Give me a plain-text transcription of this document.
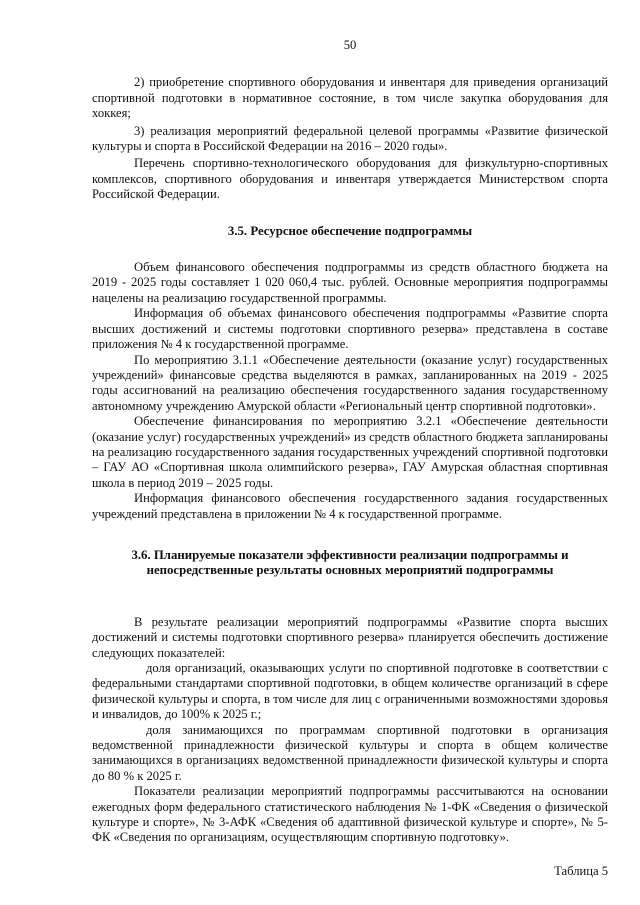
50

2) приобретение спортивного оборудования и инвентаря для приведения организаций спортивной подготовки в нормативное состояние, в том числе закупка оборудования для хоккея;

3) реализация мероприятий федеральной целевой программы «Развитие физической культуры и спорта в Российской Федерации на 2016 – 2020 годы».

Перечень спортивно-технологического оборудования для физкультурно-спортивных комплексов, спортивного оборудования и инвентаря утверждается Министерством спорта Российской Федерации.

3.5. Ресурсное обеспечение подпрограммы

Объем финансового обеспечения подпрограммы из средств областного бюджета на 2019 - 2025 годы составляет 1 020 060,4 тыс. рублей. Основные мероприятия подпрограммы нацелены на реализацию государственной программы.

Информация об объемах финансового обеспечения подпрограммы «Развитие спорта высших достижений и системы подготовки спортивного резерва» представлена в составе приложения № 4 к государственной программе.

По мероприятию 3.1.1 «Обеспечение деятельности (оказание услуг) государственных учреждений» финансовые средства выделяются в рамках, запланированных на 2019 - 2025 годы ассигнований на реализацию обеспечения государственного задания государственному автономному учреждению Амурской области «Региональный центр спортивной подготовки».

Обеспечение финансирования по мероприятию 3.2.1 «Обеспечение деятельности (оказание услуг) государственных учреждений» из средств областного бюджета запланированы на реализацию государственного задания государственных учреждений спортивной подготовки – ГАУ АО «Спортивная школа олимпийского резерва», ГАУ Амурская областная спортивная школа в период 2019 – 2025 годы.

Информация финансового обеспечения государственного задания государственных учреждений представлена в приложении № 4 к государственной программе.

3.6. Планируемые показатели эффективности реализации подпрограммы и непосредственные результаты основных мероприятий подпрограммы

В результате реализации мероприятий подпрограммы «Развитие спорта высших достижений и системы подготовки спортивного резерва» планируется обеспечить достижение следующих показателей:

доля организаций, оказывающих услуги по спортивной подготовке в соответствии с федеральными стандартами спортивной подготовки, в общем количестве организаций в сфере физической культуры и спорта, в том числе для лиц с ограниченными возможностями здоровья и инвалидов, до 100% к 2025 г.;

доля занимающихся по программам спортивной подготовки в организация ведомственной принадлежности физической культуры и спорта в общем количестве занимающихся в организациях ведомственной принадлежности физической культуры и спорта до 80 % к 2025 г.

Показатели реализации мероприятий подпрограммы рассчитываются на основании ежегодных форм федерального статистического наблюдения № 1-ФК «Сведения о физической культуре и спорте», № 3-АФК «Сведения об адаптивной физической культуре и спорте», № 5-ФК «Сведения по организациям, осуществляющим спортивную подготовку».

Таблица 5
